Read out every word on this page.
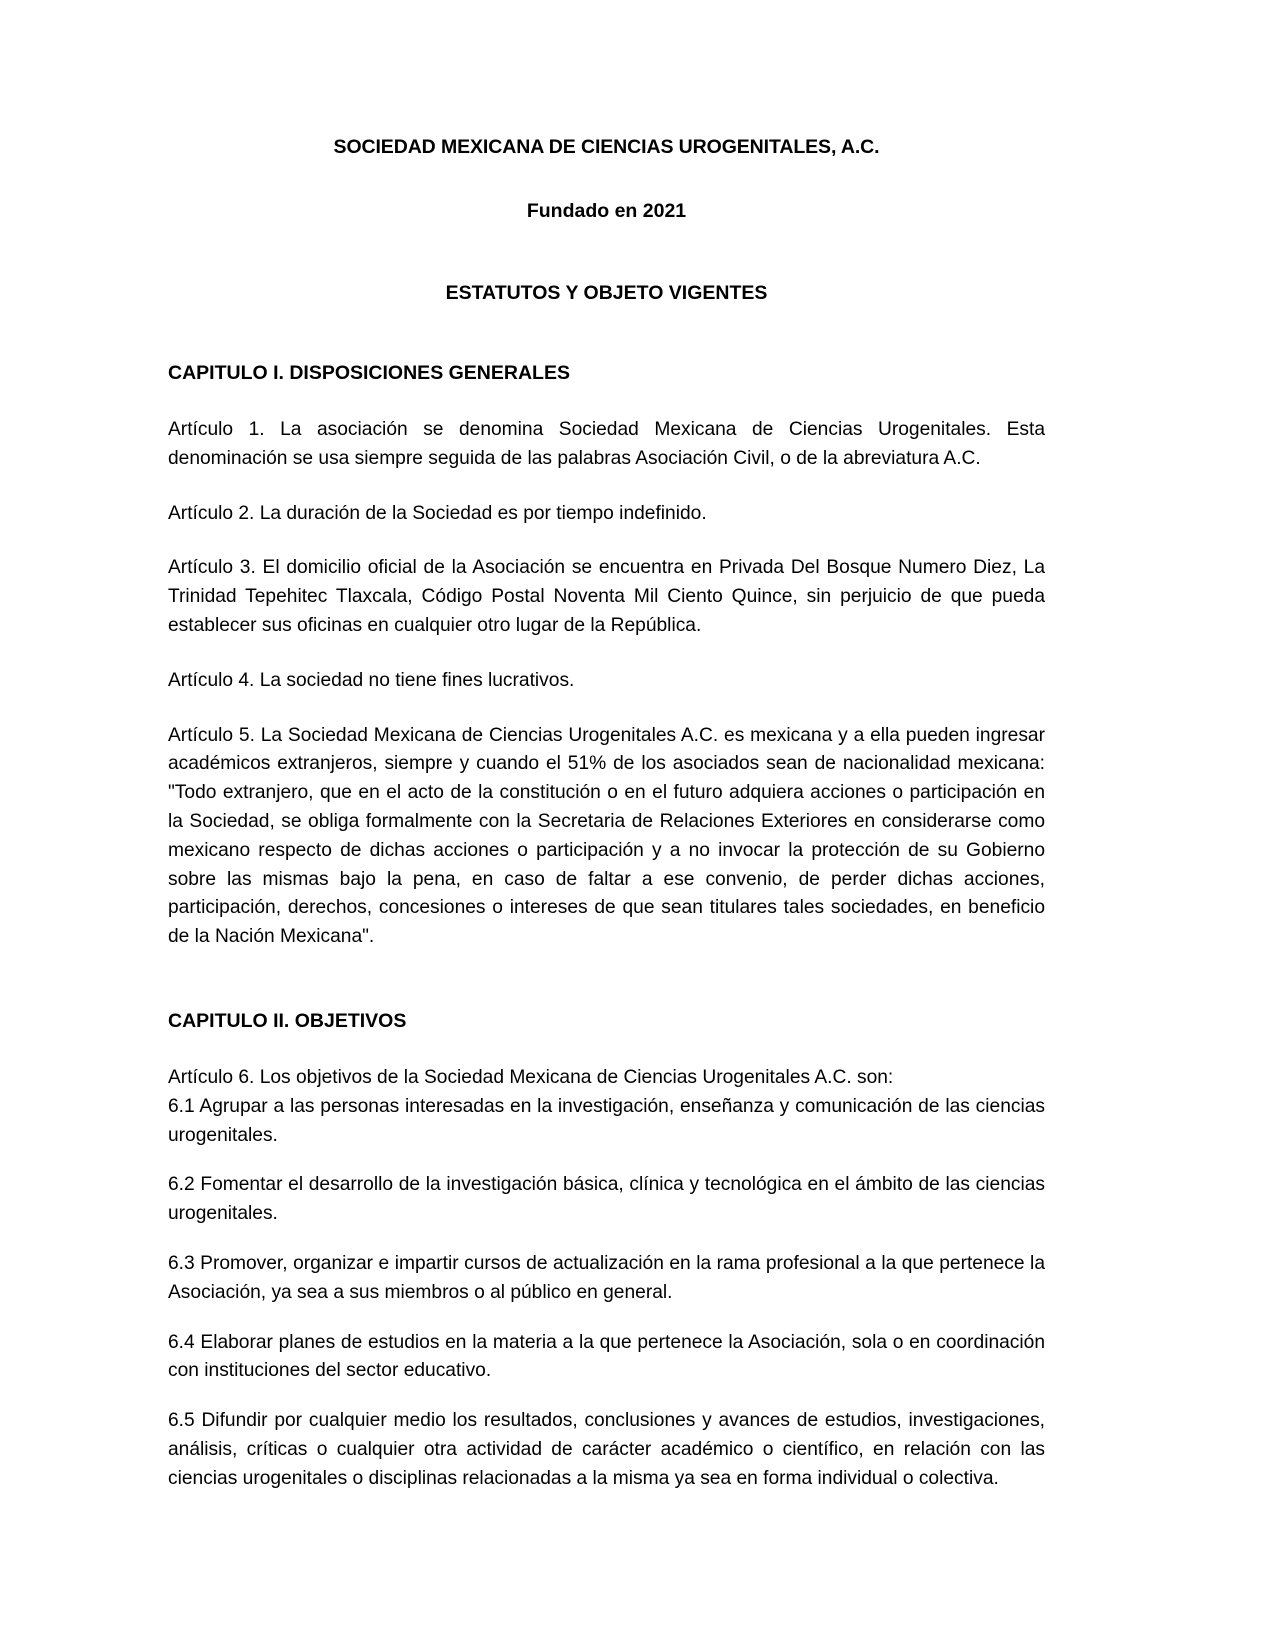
SOCIEDAD MEXICANA DE CIENCIAS UROGENITALES, A.C.
Fundado en 2021
ESTATUTOS Y OBJETO VIGENTES
CAPITULO I. DISPOSICIONES GENERALES

Artículo 1. La asociación se denomina Sociedad Mexicana de Ciencias Urogenitales. Esta denominación se usa siempre seguida de las palabras Asociación Civil, o de la abreviatura A.C.

Artículo 2. La duración de la Sociedad es por tiempo indefinido.

Artículo 3. El domicilio oficial de la Asociación se encuentra en Privada Del Bosque Numero Diez, La Trinidad Tepehitec Tlaxcala, Código Postal Noventa Mil Ciento Quince, sin perjuicio de que pueda establecer sus oficinas en cualquier otro lugar de la República.

Artículo 4. La sociedad no tiene fines lucrativos.

Artículo 5. La Sociedad Mexicana de Ciencias Urogenitales A.C. es mexicana y a ella pueden ingresar académicos extranjeros, siempre y cuando el 51% de los asociados sean de nacionalidad mexicana: "Todo extranjero, que en el acto de la constitución o en el futuro adquiera acciones o participación en la Sociedad, se obliga formalmente con la Secretaria de Relaciones Exteriores en considerarse como mexicano respecto de dichas acciones o participación y a no invocar la protección de su Gobierno sobre las mismas bajo la pena, en caso de faltar a ese convenio, de perder dichas acciones, participación, derechos, concesiones o intereses de que sean titulares tales sociedades, en beneficio de la Nación Mexicana".

CAPITULO II. OBJETIVOS

Artículo 6. Los objetivos de la Sociedad Mexicana de Ciencias Urogenitales A.C. son:

6.1 Agrupar a las personas interesadas en la investigación, enseñanza y comunicación de las ciencias urogenitales.

6.2 Fomentar el desarrollo de la investigación básica, clínica y tecnológica en el ámbito de las ciencias urogenitales.

6.3 Promover, organizar e impartir cursos de actualización en la rama profesional a la que pertenece la Asociación, ya sea a sus miembros o al público en general.

6.4 Elaborar planes de estudios en la materia a la que pertenece la Asociación, sola o en coordinación con instituciones del sector educativo.

6.5 Difundir por cualquier medio los resultados, conclusiones y avances de estudios, investigaciones, análisis, críticas o cualquier otra actividad de carácter académico o científico, en relación con las ciencias urogenitales o disciplinas relacionadas a la misma ya sea en forma individual o colectiva.
